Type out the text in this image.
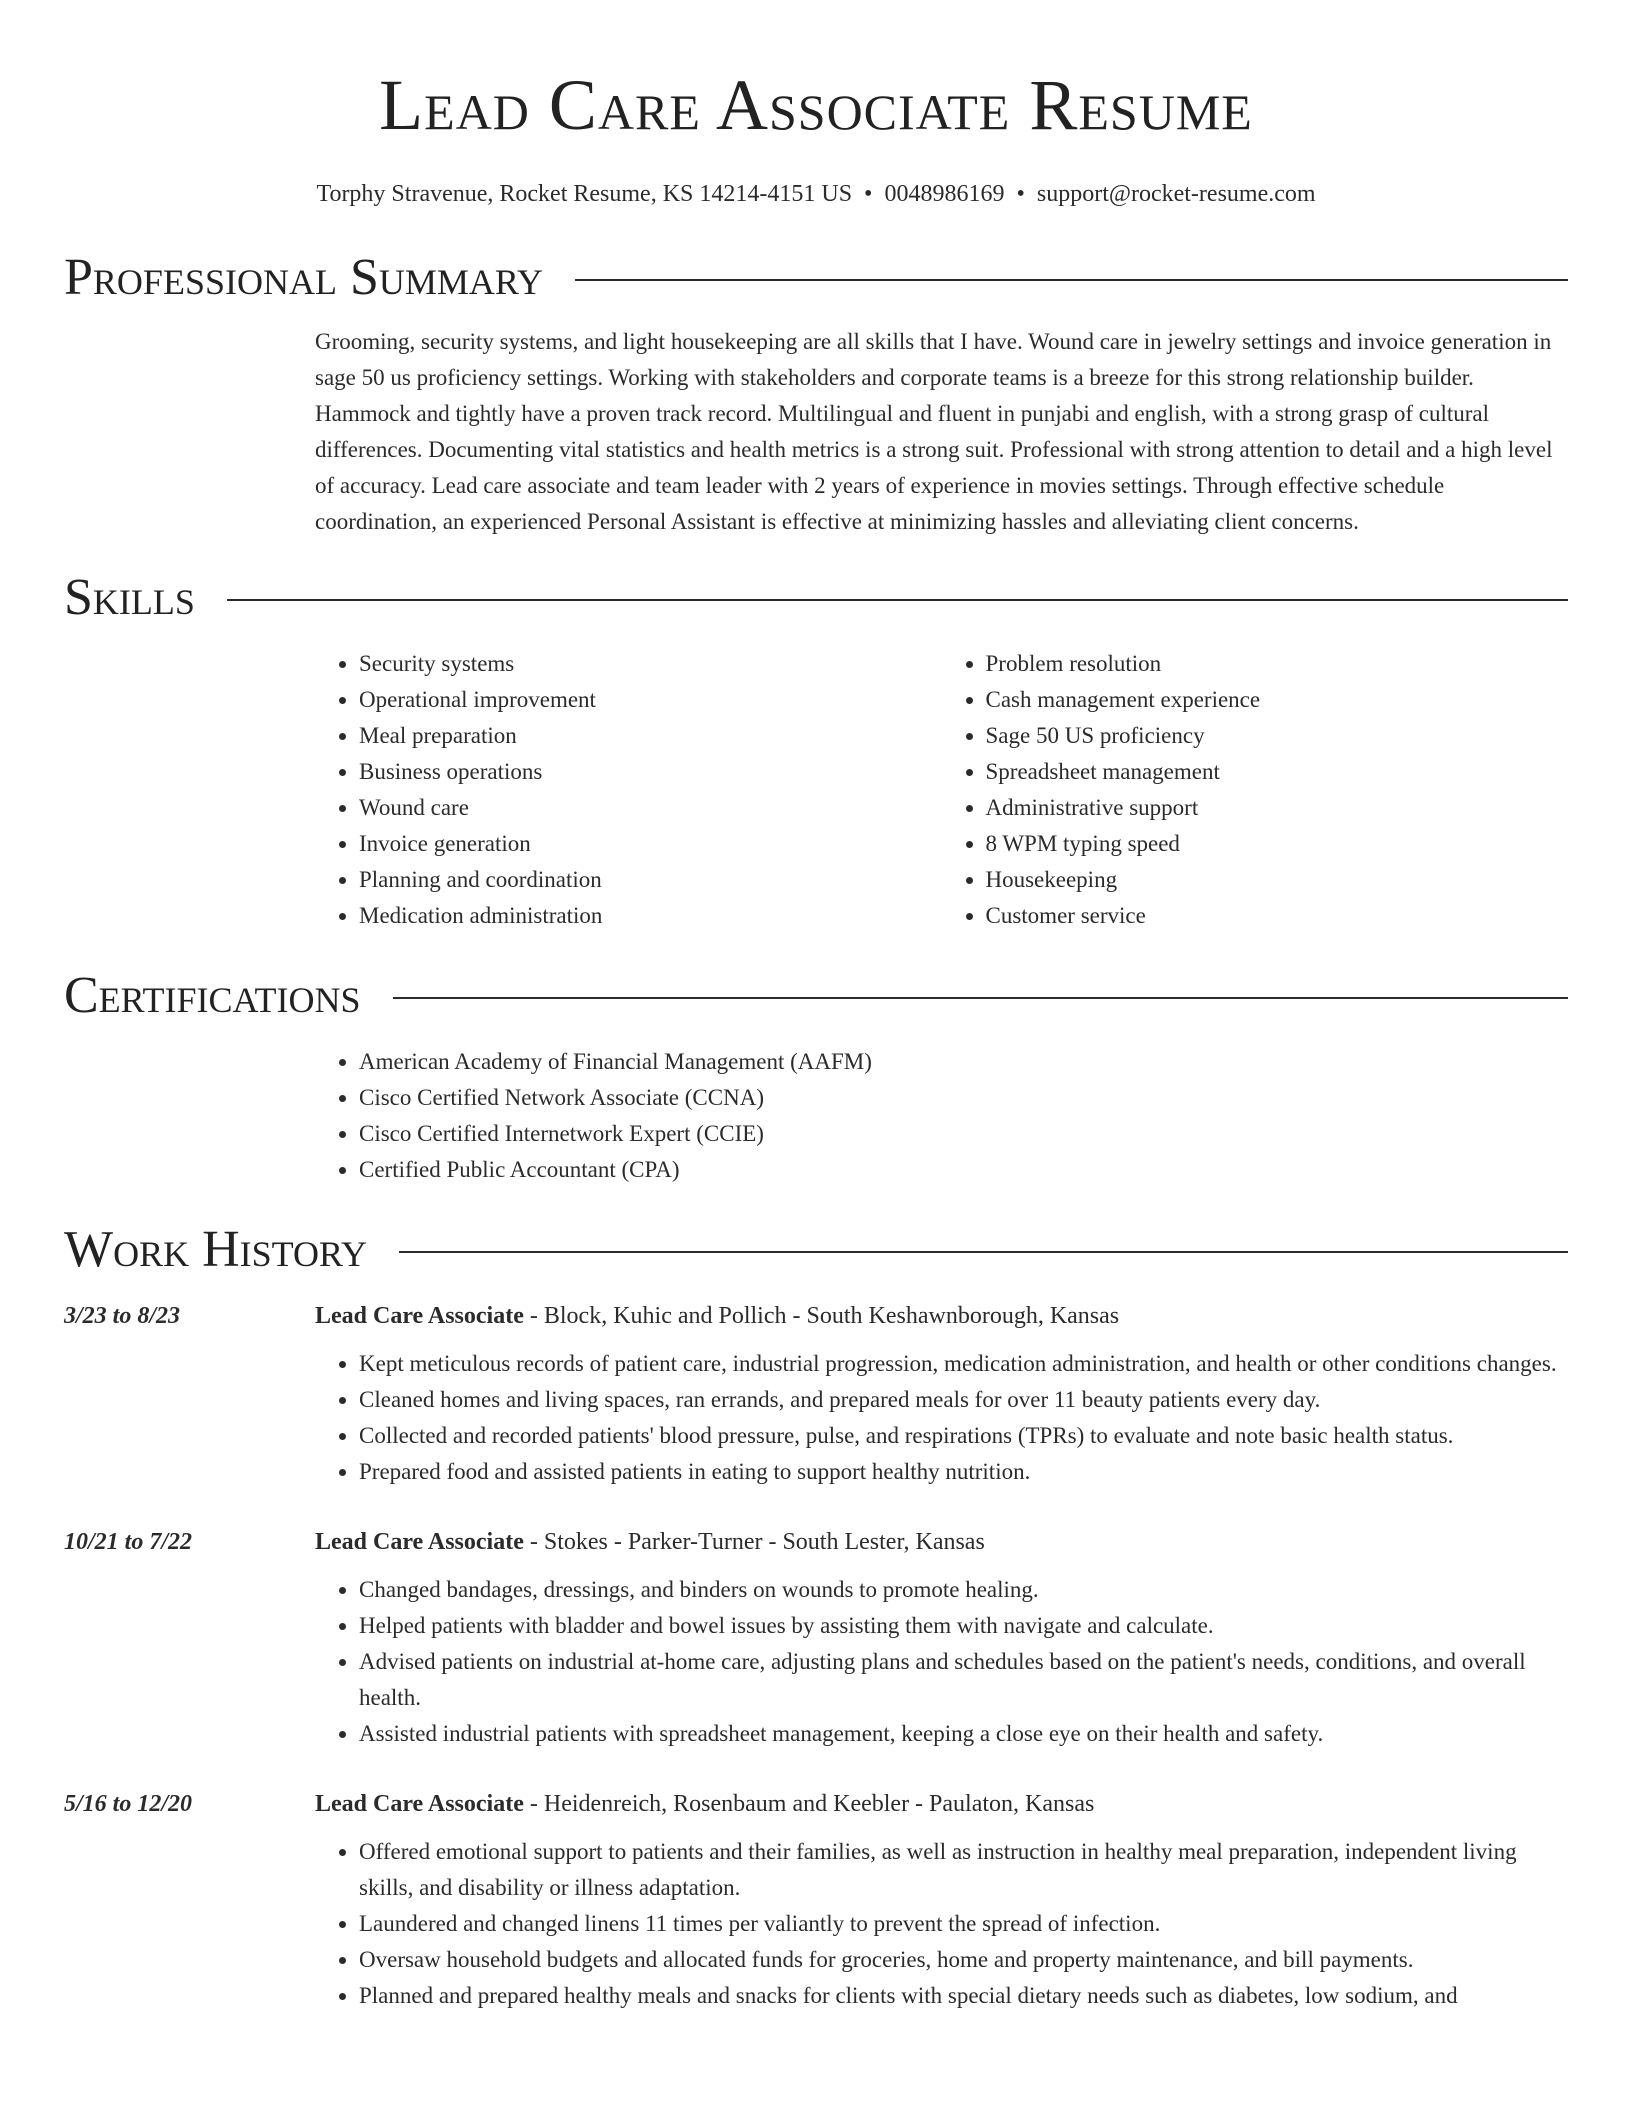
Lead Care Associate Resume
Torphy Stravenue, Rocket Resume, KS 14214-4151 US • 0048986169 • support@rocket-resume.com
Professional Summary
Grooming, security systems, and light housekeeping are all skills that I have. Wound care in jewelry settings and invoice generation in sage 50 us proficiency settings. Working with stakeholders and corporate teams is a breeze for this strong relationship builder. Hammock and tightly have a proven track record. Multilingual and fluent in punjabi and english, with a strong grasp of cultural differences. Documenting vital statistics and health metrics is a strong suit. Professional with strong attention to detail and a high level of accuracy. Lead care associate and team leader with 2 years of experience in movies settings. Through effective schedule coordination, an experienced Personal Assistant is effective at minimizing hassles and alleviating client concerns.
Skills
• Security systems
• Operational improvement
• Meal preparation
• Business operations
• Wound care
• Invoice generation
• Planning and coordination
• Medication administration
• Problem resolution
• Cash management experience
• Sage 50 US proficiency
• Spreadsheet management
• Administrative support
• 8 WPM typing speed
• Housekeeping
• Customer service
Certifications
• American Academy of Financial Management (AAFM)
• Cisco Certified Network Associate (CCNA)
• Cisco Certified Internetwork Expert (CCIE)
• Certified Public Accountant (CPA)
Work History
3/23 to 8/23	Lead Care Associate - Block, Kuhic and Pollich - South Keshawnborough, Kansas
• Kept meticulous records of patient care, industrial progression, medication administration, and health or other conditions changes.
• Cleaned homes and living spaces, ran errands, and prepared meals for over 11 beauty patients every day.
• Collected and recorded patients' blood pressure, pulse, and respirations (TPRs) to evaluate and note basic health status.
• Prepared food and assisted patients in eating to support healthy nutrition.
10/21 to 7/22	Lead Care Associate - Stokes - Parker-Turner - South Lester, Kansas
• Changed bandages, dressings, and binders on wounds to promote healing.
• Helped patients with bladder and bowel issues by assisting them with navigate and calculate.
• Advised patients on industrial at-home care, adjusting plans and schedules based on the patient's needs, conditions, and overall health.
• Assisted industrial patients with spreadsheet management, keeping a close eye on their health and safety.
5/16 to 12/20	Lead Care Associate - Heidenreich, Rosenbaum and Keebler - Paulaton, Kansas
• Offered emotional support to patients and their families, as well as instruction in healthy meal preparation, independent living skills, and disability or illness adaptation.
• Laundered and changed linens 11 times per valiantly to prevent the spread of infection.
• Oversaw household budgets and allocated funds for groceries, home and property maintenance, and bill payments.
• Planned and prepared healthy meals and snacks for clients with special dietary needs such as diabetes, low sodium, and
